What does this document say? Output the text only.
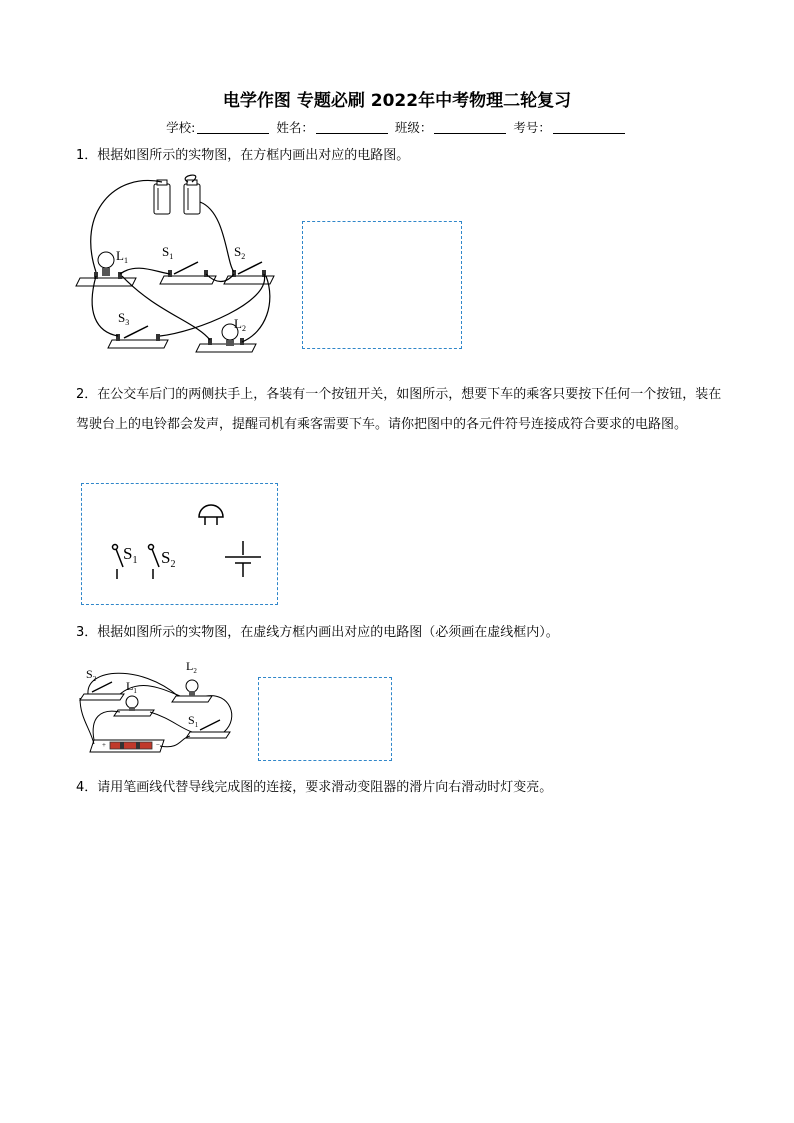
电学作图 专题必刷 2022年中考物理二轮复习
学校:	姓名：	班级：	考号：
1．根据如图所示的实物图，在方框内画出对应的电路图。
$L_1$
$S_1$	$S_2$
$S_3$	$L_2$
2．在公交车后门的两侧扶手上，各装有一个按钮开关，如图所示，想要下车的乘客只要按下任何一个按钮，装在驾驶台上的电铃都会发声，提醒司机有乘客需要下车。请你把图中的各元件符号连接成符合要求的电路图。
$S_1$ $S_2$
3．根据如图所示的实物图，在虚线方框内画出对应的电路图（必须画在虚线框内）。
+	−
$S_2$ $L_1$
$L_2$
$S_1$
4．请用笔画线代替导线完成图的连接，要求滑动变阻器的滑片向右滑动时灯变亮。
